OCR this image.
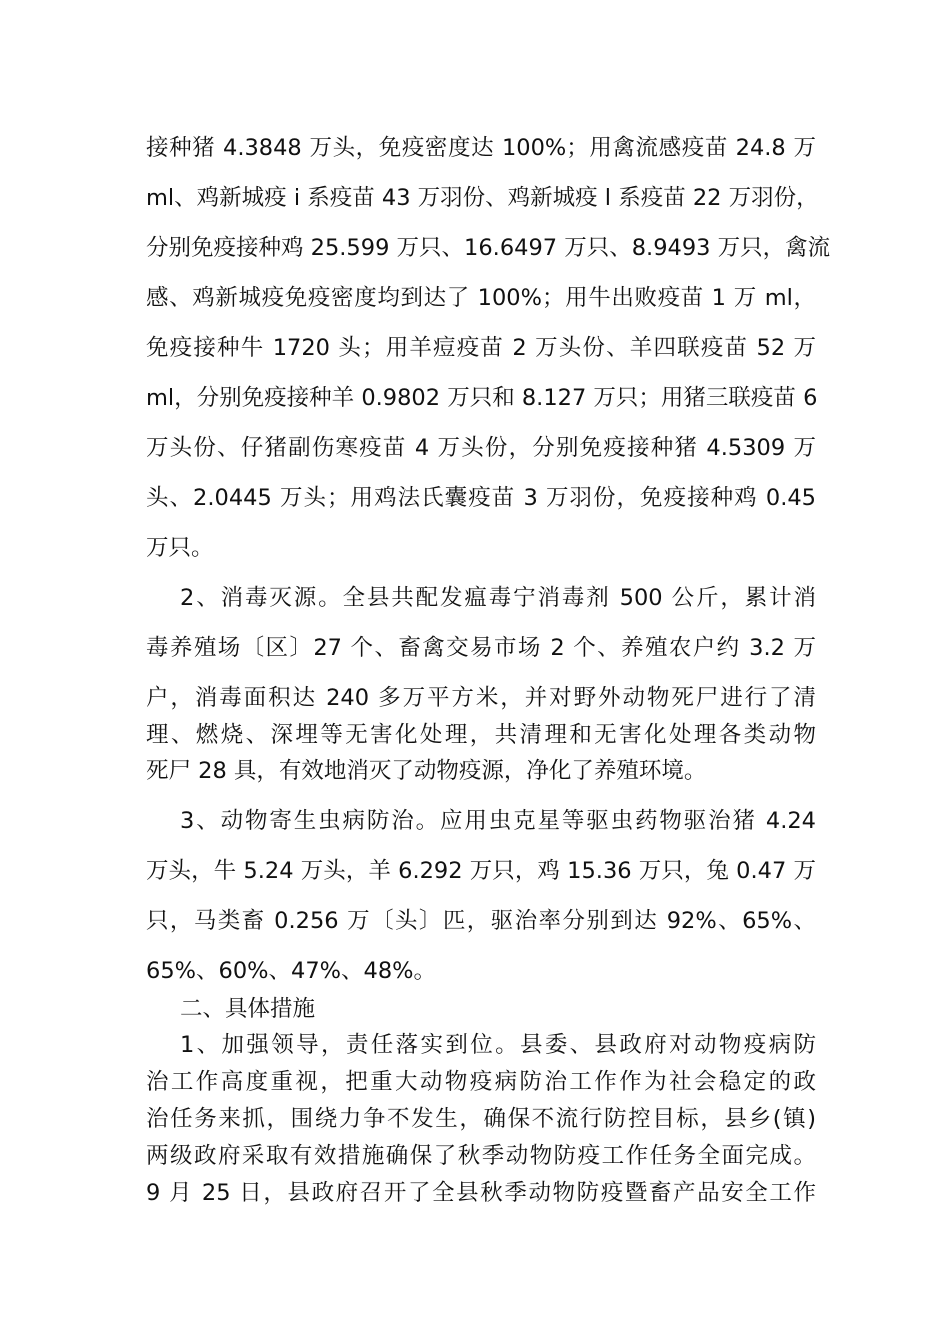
接种猪 4.3848 万头，免疫密度达 100%；用禽流感疫苗 24.8 万
ml、鸡新城疫 i 系疫苗 43 万羽份、鸡新城疫 l 系疫苗 22 万羽份，
分别免疫接种鸡 25.599 万只、16.6497 万只、8.9493 万只，禽流
感、鸡新城疫免疫密度均到达了 100%；用牛出败疫苗 1 万 ml，
免疫接种牛 1720 头；用羊痘疫苗 2 万头份、羊四联疫苗 52 万
ml，分别免疫接种羊 0.9802 万只和 8.127 万只；用猪三联疫苗 6
万头份、仔猪副伤寒疫苗 4 万头份，分别免疫接种猪 4.5309 万
头、2.0445 万头；用鸡法氏囊疫苗 3 万羽份，免疫接种鸡 0.45
万只。
2、消毒灭源。全县共配发瘟毒宁消毒剂 500 公斤，累计消
毒养殖场〔区〕27 个、畜禽交易市场 2 个、养殖农户约 3.2 万
户，消毒面积达 240 多万平方米，并对野外动物死尸进行了清
理、燃烧、深埋等无害化处理，共清理和无害化处理各类动物
死尸 28 具，有效地消灭了动物疫源，净化了养殖环境。
3、动物寄生虫病防治。应用虫克星等驱虫药物驱治猪 4.24
万头，牛 5.24 万头，羊 6.292 万只，鸡 15.36 万只，兔 0.47 万
只，马类畜 0.256 万〔头〕匹，驱治率分别到达 92%、65%、
65%、60%、47%、48%。
二、具体措施
1、加强领导，责任落实到位。县委、县政府对动物疫病防
治工作高度重视，把重大动物疫病防治工作作为社会稳定的政
治任务来抓，围绕力争不发生，确保不流行防控目标，县乡(镇)
两级政府采取有效措施确保了秋季动物防疫工作任务全面完成。
9 月 25 日，县政府召开了全县秋季动物防疫暨畜产品安全工作
